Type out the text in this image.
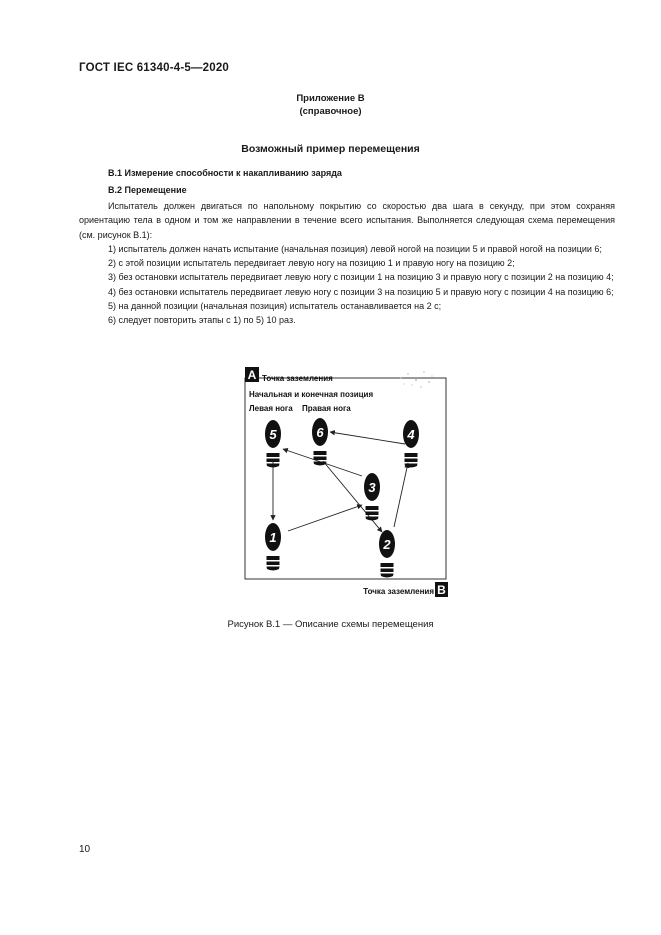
ГОСТ IEC 61340-4-5—2020
Приложение В
(справочное)
Возможный пример перемещения
В.1 Измерение способности к накапливанию заряда
В.2 Перемещение

Испытатель должен двигаться по напольному покрытию со скоростью два шага в секунду, при этом сохраняя ориентацию тела в одном и том же направлении в течение всего испытания. Выполняется следующая схема перемещения (см. рисунок В.1):

1) испытатель должен начать испытание (начальная позиция) левой ногой на позиции 5 и правой ногой на позиции 6;

2) с этой позиции испытатель передвигает левую ногу на позицию 1 и правую ногу на позицию 2;

3) без остановки испытатель передвигает левую ногу с позиции 1 на позицию 3 и правую ногу с позиции 2 на позицию 4;

4) без остановки испытатель передвигает левую ногу с позиции 3 на позицию 5 и правую ногу с позиции 4 на позицию 6;

5) на данной позиции (начальная позиция) испытатель останавливается на 2 с;

6) следует повторить этапы с 1) по 5) 10 раз.

A Точка заземления
Начальная и конечная позиция
Левая нога Правая нога
5	6	4
3
1	2
Точка заземления B
Рисунок В.1 — Описание схемы перемещения
10
